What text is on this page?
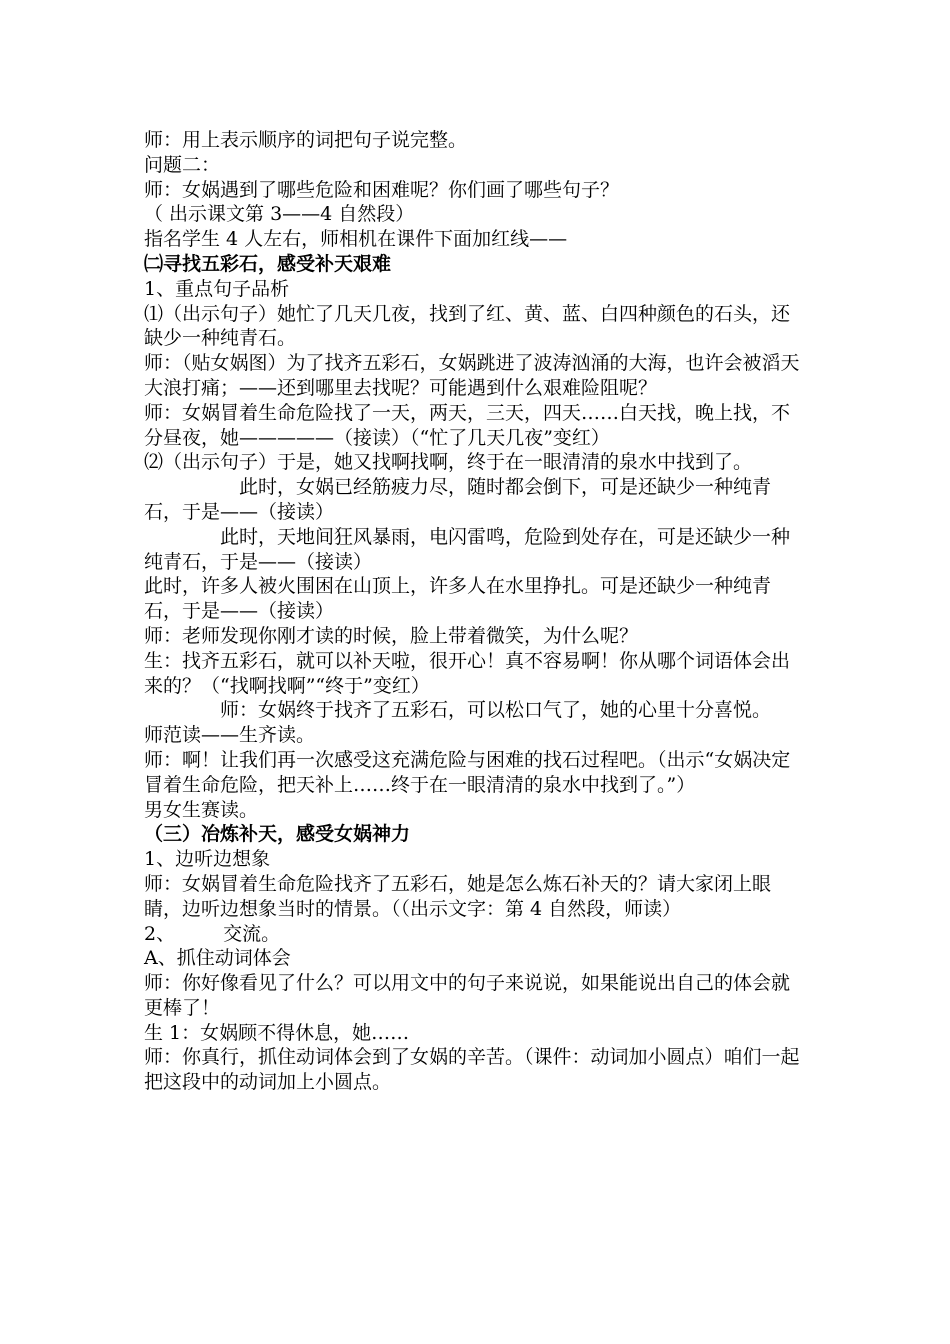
师：用上表示顺序的词把句子说完整。

问题二：

师：女娲遇到了哪些危险和困难呢？你们画了哪些句子？

（ 出示课文第 3——4 自然段）

指名学生 4 人左右，师相机在课件下面加红线——

㈡寻找五彩石，感受补天艰难

1、重点句子品析

⑴（出示句子）她忙了几天几夜，找到了红、黄、蓝、白四种颜色的石头，还缺少一种纯青石。

师：（贴女娲图）为了找齐五彩石，女娲跳进了波涛汹涌的大海，也许会被滔天大浪打痛；——还到哪里去找呢？可能遇到什么艰难险阻呢？

师：女娲冒着生命危险找了一天，两天，三天，四天……白天找，晚上找，不分昼夜，她—————（接读）（“忙了几天几夜”变红）

⑵（出示句子）于是，她又找啊找啊，终于在一眼清清的泉水中找到了。

此时，女娲已经筋疲力尽，随时都会倒下，可是还缺少一种纯青石，于是——（接读）

此时，天地间狂风暴雨，电闪雷鸣，危险到处存在，可是还缺少一种纯青石，于是——（接读）

此时，许多人被火围困在山顶上，许多人在水里挣扎。可是还缺少一种纯青石，于是——（接读）

师：老师发现你刚才读的时候，脸上带着微笑，为什么呢？

生：找齐五彩石，就可以补天啦，很开心！真不容易啊！你从哪个词语体会出来的？（“找啊找啊”“终于”变红）

师：女娲终于找齐了五彩石，可以松口气了，她的心里十分喜悦。

师范读——生齐读。

师：啊！让我们再一次感受这充满危险与困难的找石过程吧。（出示“女娲决定冒着生命危险，把天补上……终于在一眼清清的泉水中找到了。”）

男女生赛读。

（三）冶炼补天，感受女娲神力

1、边听边想象

师：女娲冒着生命危险找齐了五彩石，她是怎么炼石补天的？请大家闭上眼睛，边听边想象当时的情景。（（出示文字：第 4 自然段，师读）

2、	交流。

A、抓住动词体会

师：你好像看见了什么？可以用文中的句子来说说，如果能说出自己的体会就更棒了！

生 1：女娲顾不得休息，她……

师：你真行，抓住动词体会到了女娲的辛苦。（课件：动词加小圆点）咱们一起把这段中的动词加上小圆点。
